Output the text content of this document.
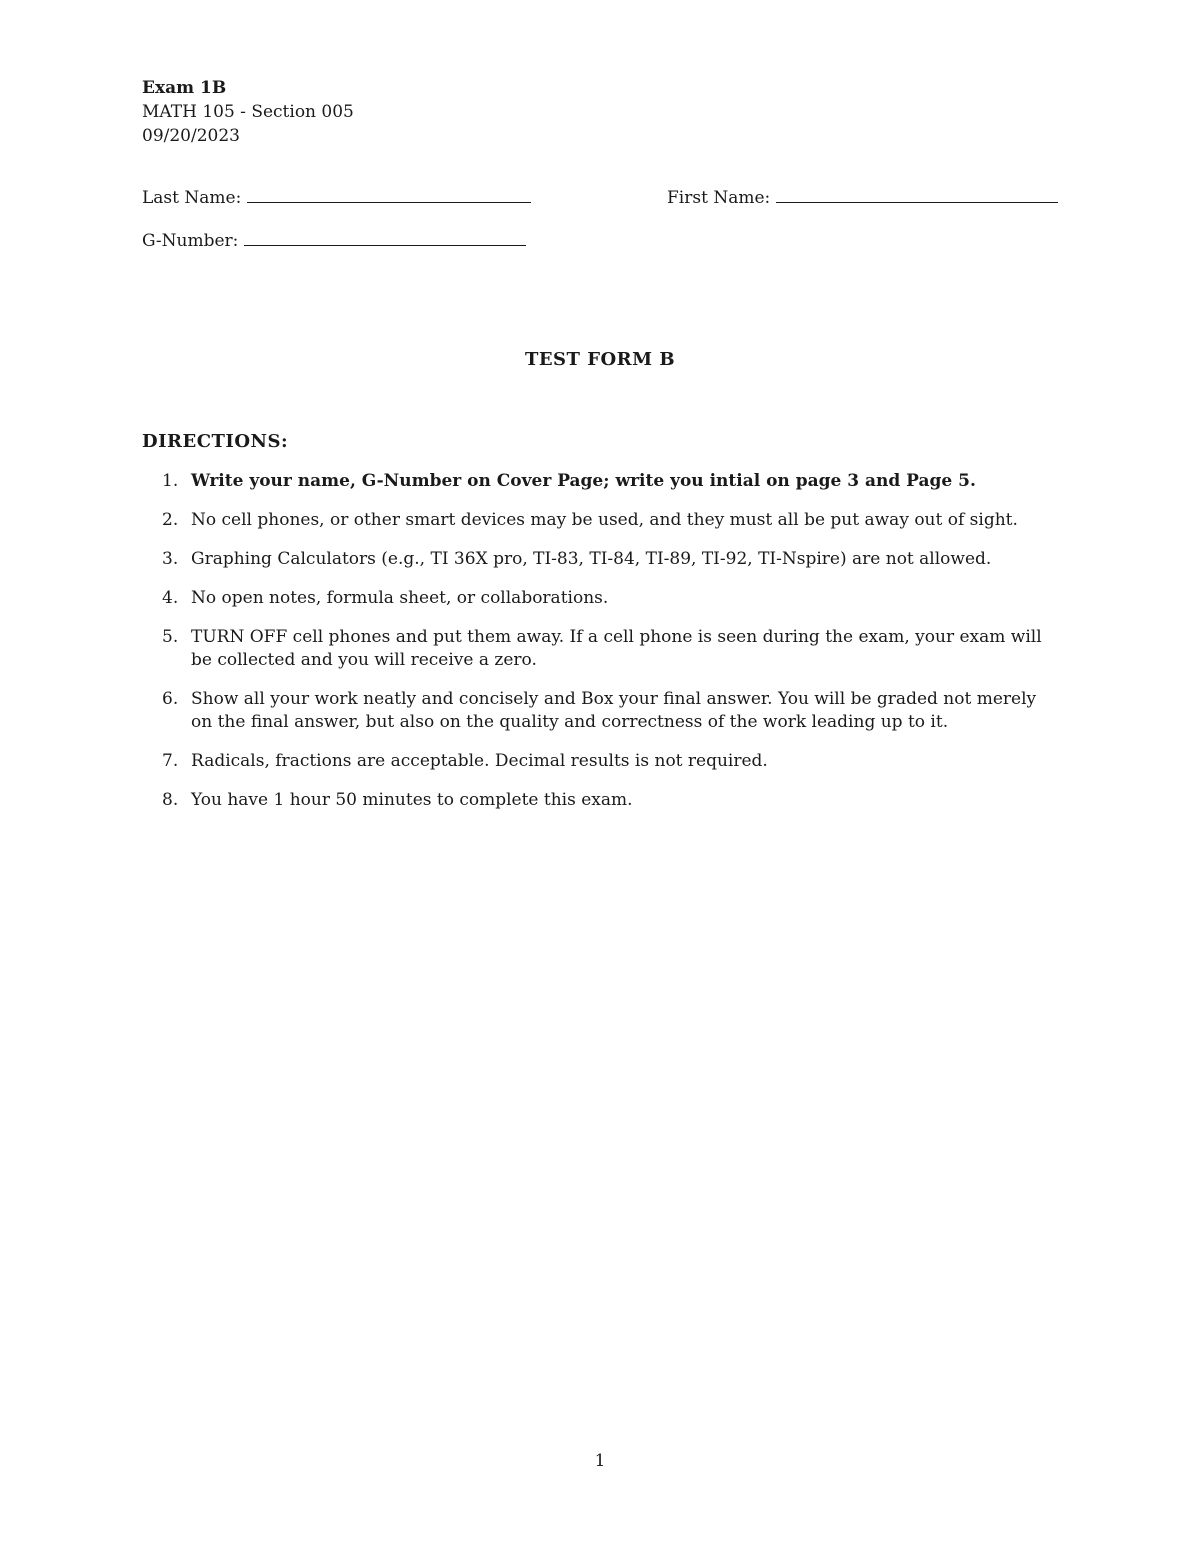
Exam 1B
MATH 105 - Section 005
09/20/2023
Last Name:	First Name:
G-Number:
TEST FORM B
DIRECTIONS:
1. Write your name, G-Number on Cover Page; write you intial on page 3 and Page 5.
2. No cell phones, or other smart devices may be used, and they must all be put away out of sight.
3. Graphing Calculators (e.g., TI 36X pro, TI-83, TI-84, TI-89, TI-92, TI-Nspire) are not allowed.
4. No open notes, formula sheet, or collaborations.
5. TURN OFF cell phones and put them away. If a cell phone is seen during the exam, your exam will be collected and you will receive a zero.
6. Show all your work neatly and concisely and Box your final answer. You will be graded not merely on the final answer, but also on the quality and correctness of the work leading up to it.
7. Radicals, fractions are acceptable. Decimal results is not required.
8. You have 1 hour 50 minutes to complete this exam.
1
